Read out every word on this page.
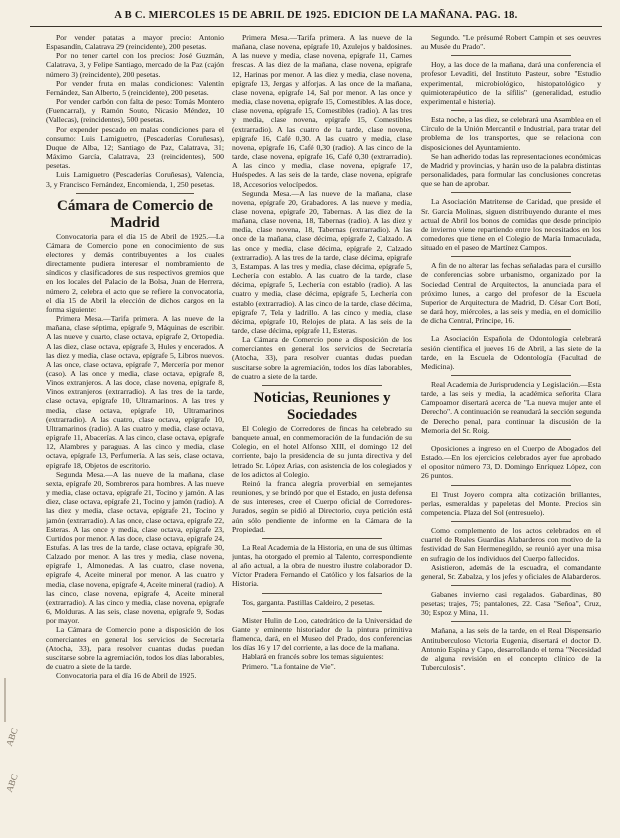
A B C. MIERCOLES 15 DE ABRIL DE 1925. EDICION DE LA MAÑANA. PAG. 18.
ABC
ABC

Por vender patatas a mayor precio: Antonio Espasandín, Calatrava 29 (reincidente), 200 pesetas.

Por no tener cartel con los precios: José Guzmán, Calatrava, 3, y Felipe Santiago, mercado de la Paz (cajón número 3) (reincidente), 200 pesetas.

Por vender fruta en malas condiciones: Valentín Fernández, San Alberto, 5 (reincidente), 200 pesetas.

Por vender carbón con falta de peso: Tomás Montero (Fuencarral), y Ramón Souto, Nicasio Méndez, 10 (Vallecas), (reincidentes), 500 pesetas.

Por expender pescado en malas condiciones para el consumo: Luis Lamiguetro, (Pescaderías Coruñesas), Duque de Alba, 12; Santiago de Paz, Calatrava, 31; Máximo García, Calatrava, 23 (reincidentes), 500 pesetas.

Luis Lamiguetro (Pescaderías Coruñesas), Valencia, 3, y Francisco Fernández, Encomienda, 1, 250 pesetas.

Cámara de Comercio de Madrid

Convocatoria para el día 15 de Abril de 1925.—La Cámara de Comercio pone en conocimiento de sus electores y demás contribuyentes a los cuales directamente pudiera interesar el nombramiento de síndicos y clasificadores de sus respectivos gremios que en los locales del Palacio de la Bolsa, Juan de Herrera, número 2, celebra el acto que se refiere la convocatoria, el día 15 de Abril la elección de dichos cargos en la forma siguiente:

Primera Mesa.—Tarifa primera. A las nueve de la mañana, clase séptima, epígrafe 9, Máquinas de escribir. A las nueve y cuarto, clase octava, epígrafe 2, Ortopedia. A las diez, clase octava, epígrafe 3, Hules y encerados. A las diez y media, clase octava, epígrafe 5, Libros nuevos. A las once, clase octava, epígrafe 7, Mercería por menor (caso). A las once y media, clase octava, epígrafe 8, Vinos extranjeros. A las doce, clase novena, epígrafe 8, Vinos extranjeros (extrarradio). A las tres de la tarde, clase octava, epígrafe 10, Ultramarinos. A las tres y media, clase octava, epígrafe 10, Ultramarinos (extrarradio). A las cuatro, clase octava, epígrafe 10, Ultramarinos (radio). A las cuatro y media, clase octava, epígrafe 11, Abacerías. A las cinco, clase octava, epígrafe 12, Alambres y paraguas. A las cinco y media, clase octava, epígrafe 13, Perfumería. A las seis, clase octava, epígrafe 18, Objetos de escritorio.

Segunda Mesa.—A las nueve de la mañana, clase sexta, epígrafe 20, Sombreros para hombres. A las nueve y media, clase octava, epígrafe 21, Tocino y jamón. A las diez, clase octava, epígrafe 21, Tocino y jamón (radio). A las diez y media, clase octava, epígrafe 21, Tocino y jamón (extrarradio). A las once, clase octava, epígrafe 22, Esteras. A las once y media, clase octava, epígrafe 23, Curtidos por menor. A las doce, clase octava, epígrafe 24, Estufas. A las tres de la tarde, clase octava, epígrafe 30, Calzado por menor. A las tres y media, clase novena, epígrafe 1, Almonedas. A las cuatro, clase novena, epígrafe 4, Aceite mineral por menor. A las cuatro y media, clase novena, epígrafe 4, Aceite mineral (radio). A las cinco, clase novena, epígrafe 4, Aceite mineral (extrarradio). A las cinco y media, clase novena, epígrafe 6, Molduras. A las seis, clase novena, epígrafe 9, Sodas por mayor.

La Cámara de Comercio pone a disposición de los comerciantes en general los servicios de Secretaría (Atocha, 33), para resolver cuantas dudas puedan suscitarse sobre la agremiación, todos los días laborables, de cuatro a siete de la tarde.

Convocatoria para el día 16 de Abril de 1925.

Primera Mesa.—Tarifa primera. A las nueve de la mañana, clase novena, epígrafe 10, Azulejos y baldosines. A las nueve y media, clase novena, epígrafe 11, Carnes frescas. A las diez de la mañana, clase novena, epígrafe 12, Harinas por menor. A las diez y media, clase novena, epígrafe 13, Jergas y alforjas. A las once de la mañana, clase novena, epígrafe 14, Sal por menor. A las once y media, clase novena, epígrafe 15, Comestibles. A las doce, clase novena, epígrafe 15, Comestibles (radio). A las tres y media, clase novena, epígrafe 15, Comestibles (extrarradio). A las cuatro de la tarde, clase novena, epígrafe 16, Café 0,30. A las cuatro y media, clase novena, epígrafe 16, Café 0,30 (radio). A las cinco de la tarde, clase novena, epígrafe 16, Café 0,30 (extrarradio). A las cinco y media, clase novena, epígrafe 17, Huéspedes. A las seis de la tarde, clase novena, epígrafe 18, Accesorios velocípedos.

Segunda Mesa.—A las nueve de la mañana, clase novena, epígrafe 20, Grabadores. A las nueve y media, clase novena, epígrafe 20, Tabernas. A las diez de la mañana, clase novena, 18, Tabernas (radio). A las diez y media, clase novena, 18, Tabernas (extrarradio). A las once de la mañana, clase décima, epígrafe 2, Calzado. A las once y media, clase décima, epígrafe 2, Calzado (extrarradio). A las tres de la tarde, clase décima, epígrafe 3, Estampas. A las tres y media, clase décima, epígrafe 5, Lechería con establo. A las cuatro de la tarde, clase décima, epígrafe 5, Lechería con establo (radio). A las cuatro y media, clase décima, epígrafe 5, Lechería con establo (extrarradio). A las cinco de la tarde, clase décima, epígrafe 7, Tela y ladrillo. A las cinco y media, clase décima, epígrafe 10, Relojes de plata. A las seis de la tarde, clase décima, epígrafe 11, Esteras.

La Cámara de Comercio pone a disposición de los comerciantes en general los servicios de Secretaría (Atocha, 33), para resolver cuantas dudas puedan suscitarse sobre la agremiación, todos los días laborables, de cuatro a siete de la tarde.

Noticias, Reuniones y Sociedades

El Colegio de Corredores de fincas ha celebrado su banquete anual, en conmemoración de la fundación de su Colegio, en el hotel Alfonso XIII, el domingo 12 del corriente, bajo la presidencia de su junta directiva y del letrado Sr. López Arias, con asistencia de los colegiados y de los adictos al Colegio.

Reinó la franca alegría proverbial en semejantes reuniones, y se brindó por que el Estado, en justa defensa de sus intereses, cree el Cuerpo oficial de Corredores-Jurados, según se pidió al Directorio, cuya petición está aún sólo pendiente de informe en la Cámara de la Propiedad.

La Real Academia de la Historia, en una de sus últimas juntas, ha otorgado el premio al Talento, correspondiente al año actual, a la obra de nuestro ilustre colaborador D. Víctor Pradera Fernando el Católico y los falsarios de la Historia.

Tos, garganta. Pastillas Caldeiro, 2 pesetas.

Mister Hulin de Loo, catedrático de la Universidad de Gante y eminente historiador de la pintura primitiva flamenca, dará, en el Museo del Prado, dos conferencias los días 16 y 17 del corriente, a las doce de la mañana.

Hablará en francés sobre los temas siguientes:

Primero. "La fontaine de Vie".

Segundo. "Le présumé Robert Campin et ses oeuvres au Musée du Prado".

Hoy, a las doce de la mañana, dará una conferencia el profesor Levaditi, del Instituto Pasteur, sobre "Estudio experimental, microbiológico, histopatológico y quimioterapéutico de la sífilis" (generalidad, estudio experimental e histeria).

Esta noche, a las diez, se celebrará una Asamblea en el Círculo de la Unión Mercantil e Industrial, para tratar del problema de los transportes, que se relaciona con disposiciones del Ayuntamiento.

Se han adherido todas las representaciones económicas de Madrid y provincias, y harán uso de la palabra distintas personalidades, para formular las conclusiones concretas que se han de aprobar.

La Asociación Matritense de Caridad, que preside el Sr. García Molinas, siguen distribuyendo durante el mes actual de Abril los bonos de comidas que desde principio de invierno viene repartiendo entre los necesitados en los comedores que tiene en el Colegio de María Inmaculada, situado en el paseo de Martínez Campos.

A fin de no alterar las fechas señaladas para el cursillo de conferencias sobre urbanismo, organizado por la Sociedad Central de Arquitectos, la anunciada para el próximo lunes, a cargo del profesor de la Escuela Superior de Arquitectura de Madrid, D. César Cort Botí, se dará hoy, miércoles, a las seis y media, en el domicilio de dicha Central, Príncipe, 16.

La Asociación Española de Odontología celebrará sesión científica el jueves 16 de Abril, a las siete de la tarde, en la Escuela de Odontología (Facultad de Medicina).

Real Academia de Jurisprudencia y Legislación.—Esta tarde, a las seis y media, la académica señorita Clara Campoamor disertará acerca de "La nueva mujer ante el Derecho". A continuación se reanudará la sección segunda de Derecho penal, para continuar la discusión de la Memoria del Sr. Roig.

Oposiciones a ingreso en el Cuerpo de Abogados del Estado.—En los ejercicios celebrados ayer fue aprobado el opositor número 73, D. Domingo Enríquez López, con 26 puntos.

El Trust Joyero compra alta cotización brillantes, perlas, esmeraldas y papeletas del Monte. Precios sin competencia. Plaza del Sol (entresuelo).

Como complemento de los actos celebrados en el cuartel de Reales Guardias Alabarderos con motivo de la festividad de San Hermenegildo, se reunió ayer una misa en sufragio de los individuos del Cuerpo fallecidos.

Asistieron, además de la escuadra, el comandante general, Sr. Zabalza, y los jefes y oficiales de Alabarderos.

Gabanes invierno casi regalados. Gabardinas, 80 pesetas; trajes, 75; pantalones, 22. Casa "Señoa", Cruz, 30; Espoz y Mina, 11.

Mañana, a las seis de la tarde, en el Real Dispensario Antituberculoso Victoria Eugenia, disertará el doctor D. Antonio Espina y Capo, desarrollando el tema "Necesidad de alguna revisión en el concepto clínico de la Tuberculosis".
